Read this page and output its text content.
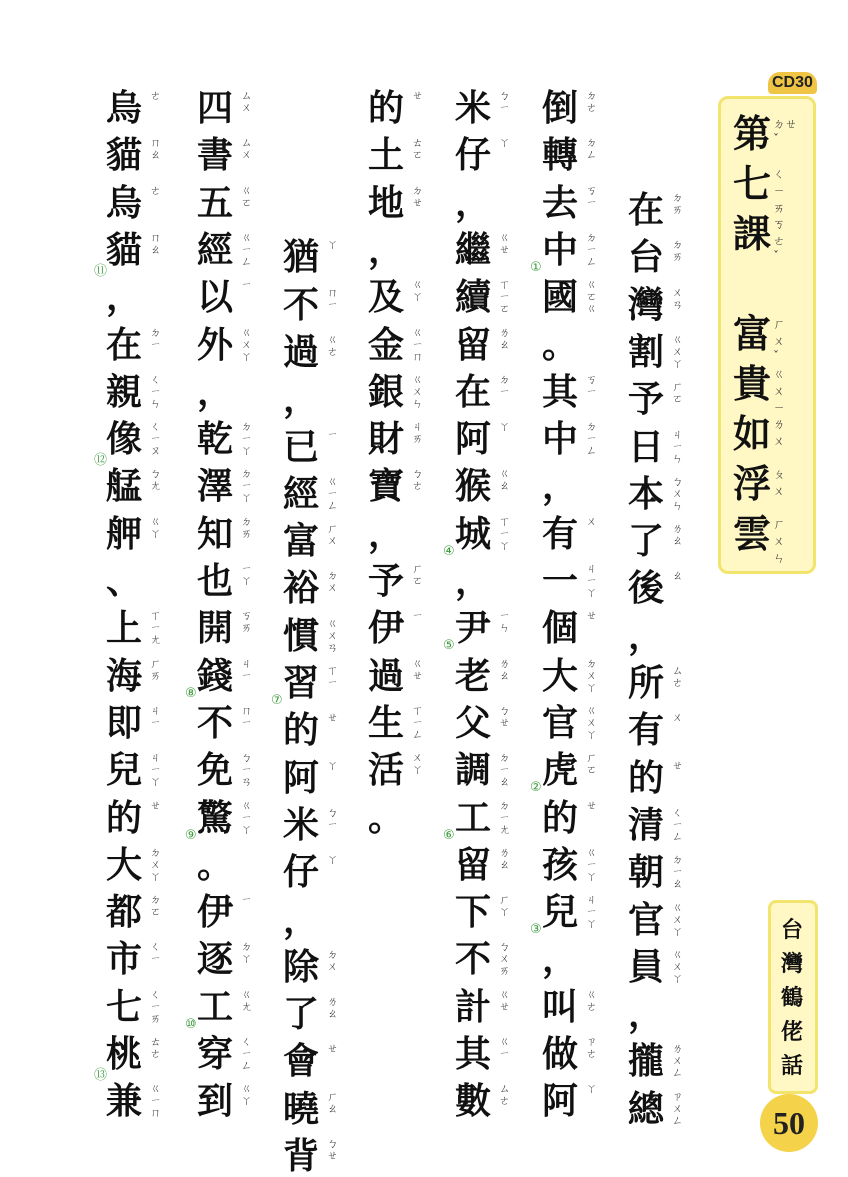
CD30
第 ㄉㄝ
ˇ
七 ㄑ
ㄧ
ㄞ
課 ㄎ
ㄜ
ˇ
富 ㄏ
ㄨ
ˇ
貴 ㄍ
ㄨ
ㄧ
如 ㄌ
ㄨ
浮 ㄆ
ㄨ
雲 ㄏ
ㄨ
ㄣ
在 ㄉ
ㄞ
台 ㄉ
ㄞ
灣 ㄨ
ㄢ
割 ㄍ
ㄨ
ㄚ
予 ㄏ
ㄛ
日 ㄐ
ㄧ
ㄣ
本 ㄅ
ㄨ
ㄣ
了 ㄌ
ㄠ
後 ㄠ
，
所 ㄙ
ㄜ
有 ㄨ
的 ㄝ
清 ㄑ
ㄧ
ㄥ
朝 ㄉ
ㄧ
ㄠ
官 ㄍ
ㄨ
ㄚ
員 ㄍ
ㄨ
ㄚ
，
攏 ㄌ
ㄨ
ㄥ
總 ㄗ
ㄨ
ㄥ
倒 ㄉ
ㄜ
轉 ㄉ
ㄥ
去 ㄎ
ㄧ
中 ㄉ
ㄧ
ㄥ
①
國 ㄍ
ㄛ
ㄍ
。
其 ㄎ
ㄧ
中 ㄉ
ㄧ
ㄥ
，
有 ㄨ
一 ㄐ
ㄧ
ㄚ
個 ㄝ
大 ㄉ
ㄨ
ㄚ
官 ㄍ
ㄨ
ㄚ
虎 ㄏ
ㄛ
②
的 ㄝ
孩 ㄍ
ㄧ
ㄚ
兒 ㄐ
ㄧ
ㄚ
③
，
叫 ㄍ
ㄜ
做 ㄗ
ㄜ
阿 ㄚ
米 ㄅ
ㄧ
仔 ㄚ
，
繼 ㄍ
ㄝ
續 ㄒ
ㄧ
ㄛ
留 ㄌ
ㄠ
在 ㄉ
ㄧ
阿 ㄚ
猴 ㄍ
ㄠ
城 ㄒ
ㄧ
ㄚ
④
，
尹 ㄧ
ㄣ
⑤
老 ㄌ
ㄠ
父 ㄅ
ㄝ
調 ㄉ
ㄧ
ㄠ
工 ㄉ
ㄧ
ㄤ
⑥
留 ㄌ
ㄠ
下 ㄏ
ㄚ
不 ㄅ
ㄨ
ㄞ
計 ㄍ
ㄝ
其 ㄍ
ㄧ
數 ㄙ
ㄜ
的 ㄝ
土 ㄊ
ㄛ
地 ㄉ
ㄝ
，
及 ㄍ
ㄚ
金 ㄍ
ㄧ
ㄇ
銀 ㄍ
ㄨ
ㄣ
財 ㄐ
ㄞ
寶 ㄅ
ㄜ
，
予 ㄏ
ㄛ
伊 ㄧ
過 ㄍ
ㄝ
生 ㄒ
ㄧ
ㄥ
活 ㄨ
ㄚ
。
猶 ㄚ
不 ㄇ
ㄧ
過 ㄍ
ㄜ
，
已 ㄧ
經 ㄍ
ㄧ
ㄥ
富 ㄏ
ㄨ
裕 ㄉ
ㄨ
慣 ㄍ
ㄨ
ㄢ
習 ㄒ
ㄧ
⑦
的 ㄝ
阿 ㄚ
米 ㄅ
ㄧ
仔 ㄚ
，
除 ㄉ
ㄨ
了 ㄌ
ㄠ
會 ㄝ
曉 ㄏ
ㄠ
背 ㄅ
ㄝ
四 ㄙ
ㄨ
書 ㄙ
ㄨ
五 ㄍ
ㄛ
經 ㄍ
ㄧ
ㄥ
以 ㄧ
外 ㄍ
ㄨ
ㄚ
，
乾 ㄉ
ㄧ
ㄚ
澤 ㄉ
ㄧ
ㄚ
知 ㄉ
ㄞ
也 ㄧ
ㄚ
開 ㄎ
ㄞ
錢 ㄐ
ㄧ
⑧
不 ㄇ
ㄧ
免 ㄅ
ㄧ
ㄢ
驚 ㄍ
ㄧ
ㄚ
⑨
。
伊 ㄧ
逐 ㄉ
ㄚ
工 ㄍ
ㄤ
⑩
穿 ㄑ
ㄧ
ㄥ
到 ㄍ
ㄚ
烏 ㄜ
貓 ㄇ
ㄠ
烏 ㄜ
貓 ㄇ
ㄠ
⑪
，
在 ㄉ
ㄧ
親 ㄑ
ㄧ
ㄣ
像 ㄑ
ㄧ
ㄡ
⑫
艋 ㄅ
ㄤ
舺 ㄍ
ㄚ
、
上 ㄒ
ㄧ
ㄤ
海 ㄏ
ㄞ
即 ㄐ
ㄧ
兒 ㄐ
ㄧ
ㄚ
的 ㄝ
大 ㄉ
ㄨ
ㄚ
都 ㄉ
ㄛ
市 ㄑ
ㄧ
七 ㄑ
ㄧ
ㄞ
桃 ㄊ
ㄜ
⑬
兼 ㄍ
ㄧ
ㄇ
台
灣
鶴
佬
話
50
